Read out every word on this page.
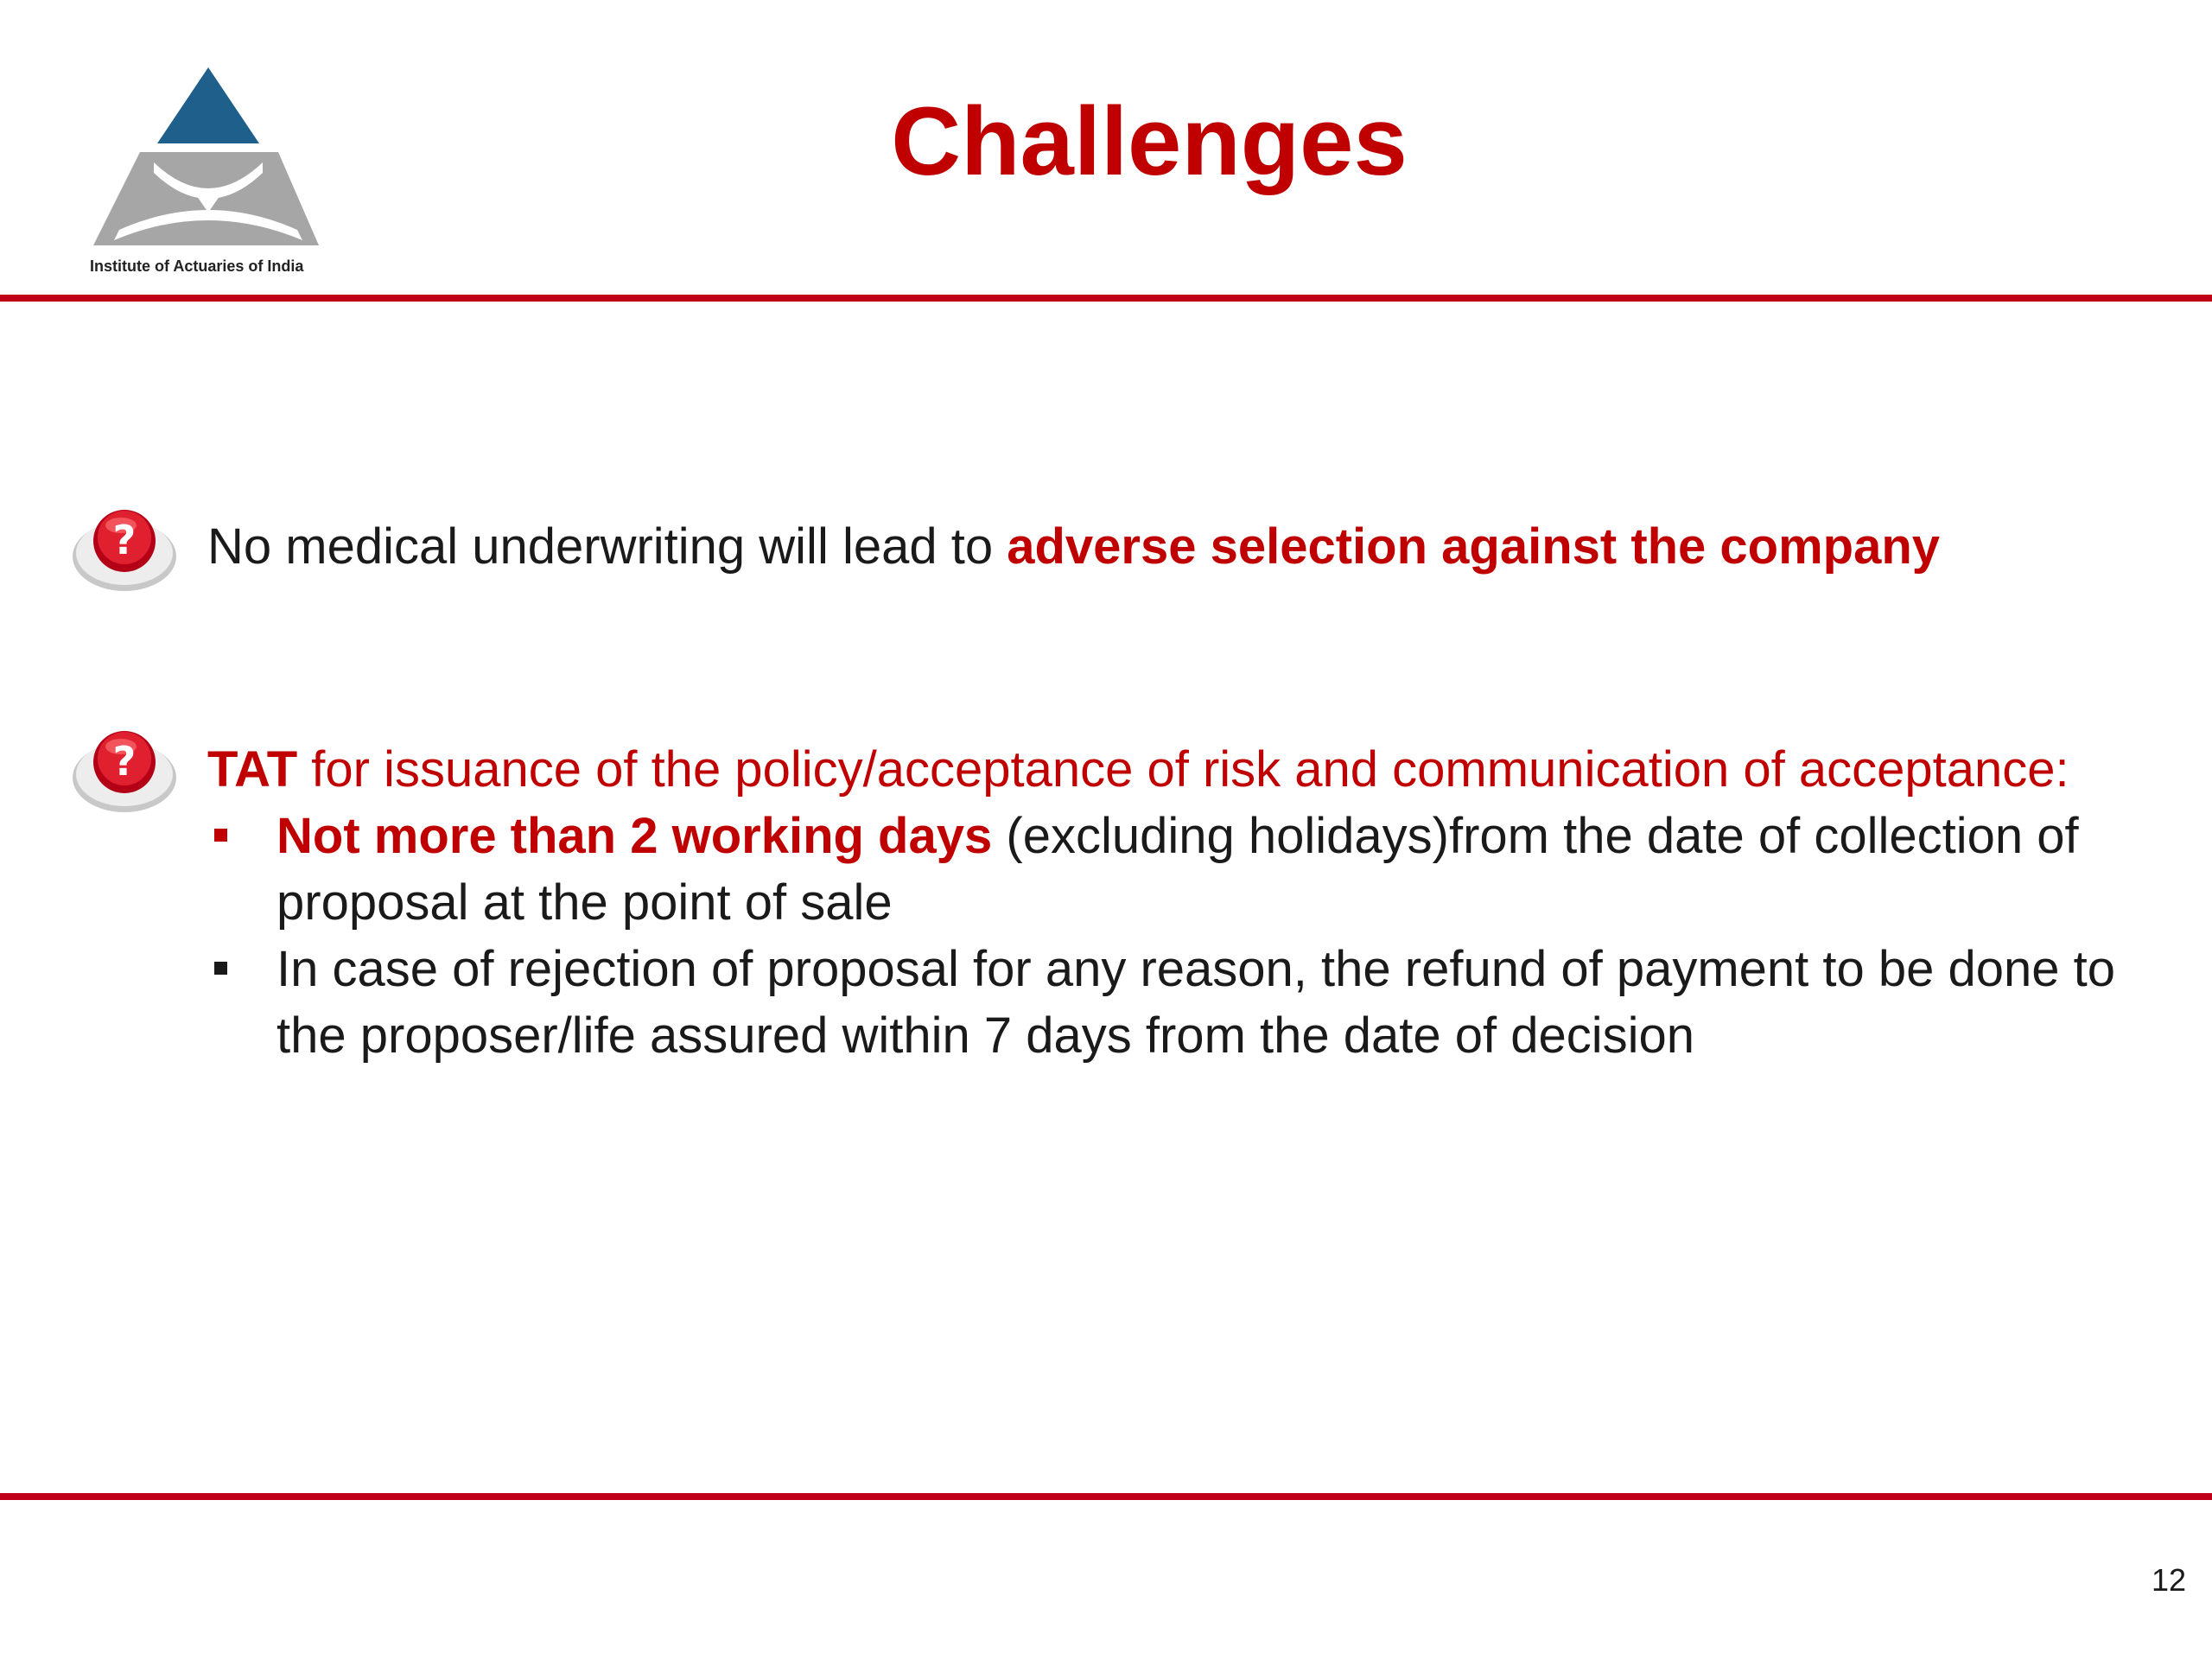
Institute of Actuaries of India
Challenges
? No medical underwriting will lead to adverse selection against the company
? TAT for issuance of the policy/acceptance of risk and communication of acceptance:
Not more than 2 working days (excluding holidays)from the date of collection of proposal at the point of sale
In case of rejection of proposal for any reason, the refund of payment to be done to the proposer/life assured within 7 days from the date of decision
12
